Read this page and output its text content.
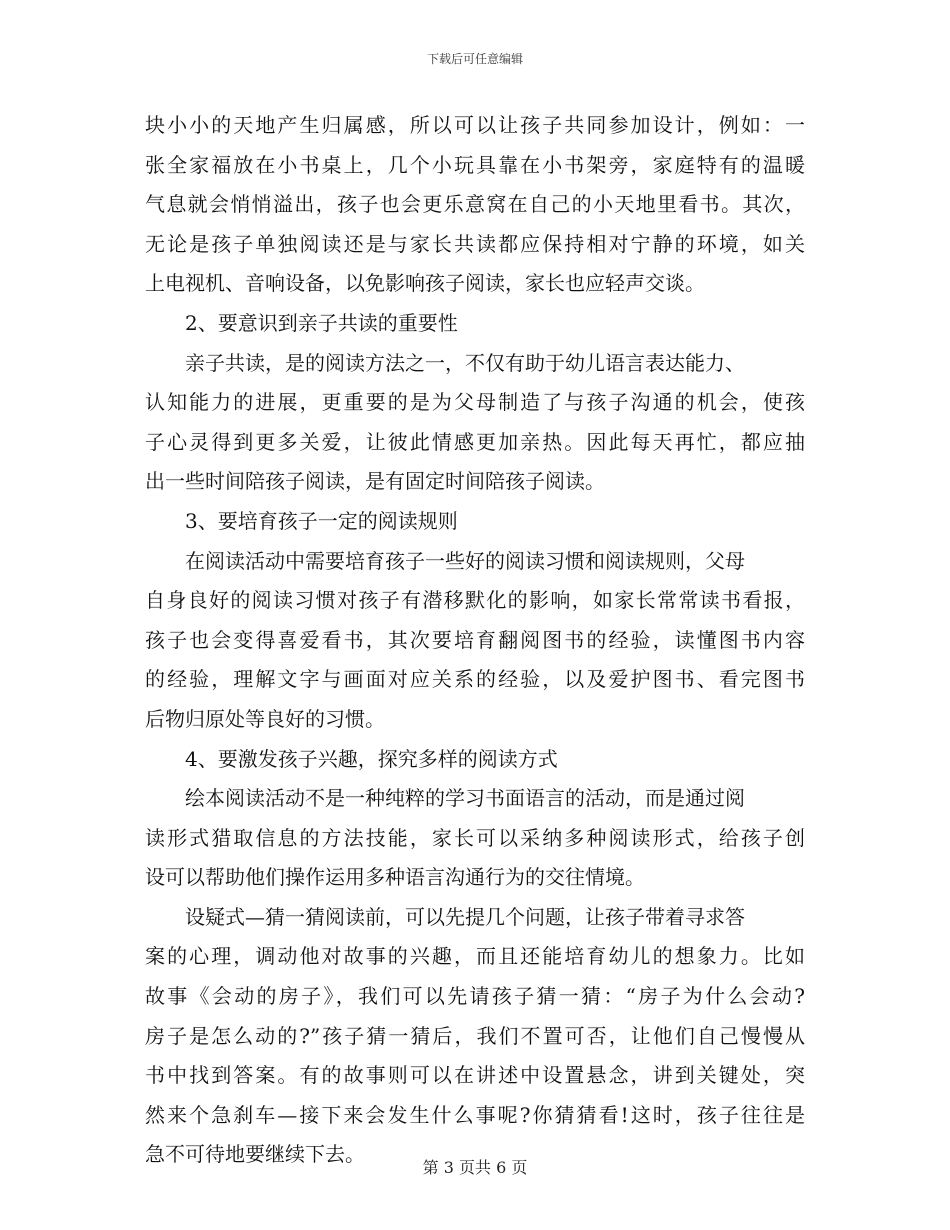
下载后可任意编辑
块小小的天地产生归属感，所以可以让孩子共同参加设计，例如：一
张全家福放在小书桌上，几个小玩具靠在小书架旁，家庭特有的温暖
气息就会悄悄溢出，孩子也会更乐意窝在自己的小天地里看书。其次，
无论是孩子单独阅读还是与家长共读都应保持相对宁静的环境，如关
上电视机、音响设备，以免影响孩子阅读，家长也应轻声交谈。
2、要意识到亲子共读的重要性
亲子共读，是的阅读方法之一，不仅有助于幼儿语言表达能力、
认知能力的进展，更重要的是为父母制造了与孩子沟通的机会，使孩
子心灵得到更多关爱，让彼此情感更加亲热。因此每天再忙，都应抽
出一些时间陪孩子阅读，是有固定时间陪孩子阅读。
3、要培育孩子一定的阅读规则
在阅读活动中需要培育孩子一些好的阅读习惯和阅读规则，父母
自身良好的阅读习惯对孩子有潜移默化的影响，如家长常常读书看报，
孩子也会变得喜爱看书，其次要培育翻阅图书的经验，读懂图书内容
的经验，理解文字与画面对应关系的经验，以及爱护图书、看完图书
后物归原处等良好的习惯。
4、要激发孩子兴趣，探究多样的阅读方式
绘本阅读活动不是一种纯粹的学习书面语言的活动，而是通过阅
读形式猎取信息的方法技能，家长可以采纳多种阅读形式，给孩子创
设可以帮助他们操作运用多种语言沟通行为的交往情境。
设疑式—猜一猜阅读前，可以先提几个问题，让孩子带着寻求答
案的心理，调动他对故事的兴趣，而且还能培育幼儿的想象力。比如
故事《会动的房子》，我们可以先请孩子猜一猜：“房子为什么会动?
房子是怎么动的?”孩子猜一猜后，我们不置可否，让他们自己慢慢从
书中找到答案。有的故事则可以在讲述中设置悬念，讲到关键处，突
然来个急刹车—接下来会发生什么事呢?你猜猜看!这时，孩子往往是
急不可待地要继续下去。
第 3 页共 6 页
